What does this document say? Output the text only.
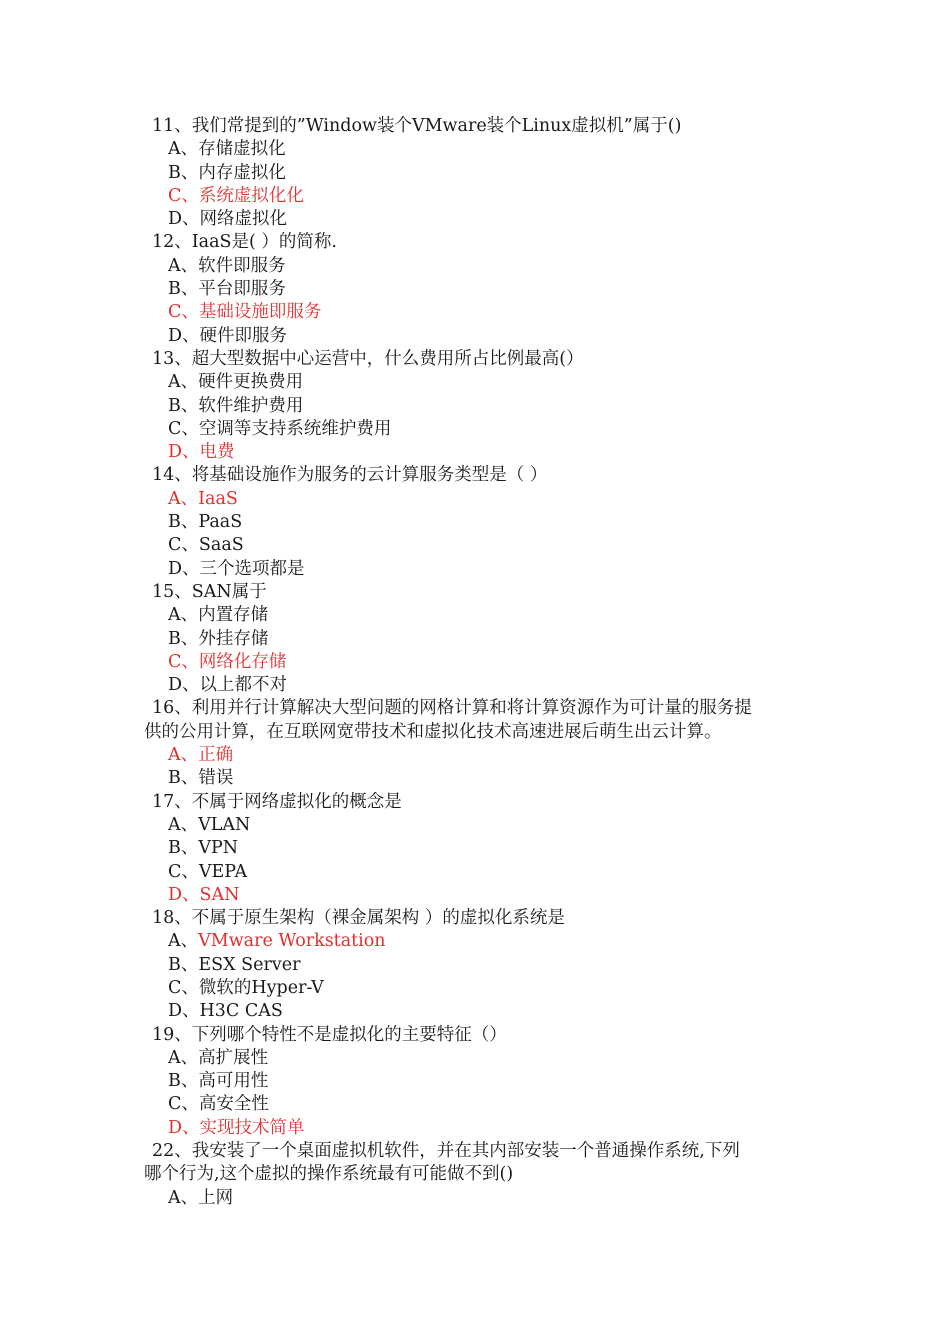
11、我们常提到的”Window装个VMware装个Linux虚拟机”属于()
A、存储虚拟化
B、内存虚拟化
C、系统虚拟化化
D、网络虚拟化
12、IaaS是( ）的简称.
A、软件即服务
B、平台即服务
C、基础设施即服务
D、硬件即服务
13、超大型数据中心运营中，什么费用所占比例最高(）
A、硬件更换费用
B、软件维护费用
C、空调等支持系统维护费用
D、电费
14、将基础设施作为服务的云计算服务类型是（ ）
A、IaaS
B、PaaS
C、SaaS
D、三个选项都是
15、SAN属于
A、内置存储
B、外挂存储
C、网络化存储
D、以上都不对
16、利用并行计算解决大型问题的网格计算和将计算资源作为可计量的服务提
供的公用计算，在互联网宽带技术和虚拟化技术高速进展后萌生出云计算。
A、正确
B、错误
17、不属于网络虚拟化的概念是
A、VLAN
B、VPN
C、VEPA
D、SAN
18、不属于原生架构（裸金属架构 ）的虚拟化系统是
A、VMware Workstation
B、ESX Server
C、微软的Hyper-V
D、H3C CAS
19、下列哪个特性不是虚拟化的主要特征（）
A、高扩展性
B、高可用性
C、高安全性
D、实现技术简单
22、我安装了一个桌面虚拟机软件，并在其内部安装一个普通操作系统,下列
哪个行为,这个虚拟的操作系统最有可能做不到()
A、上网
